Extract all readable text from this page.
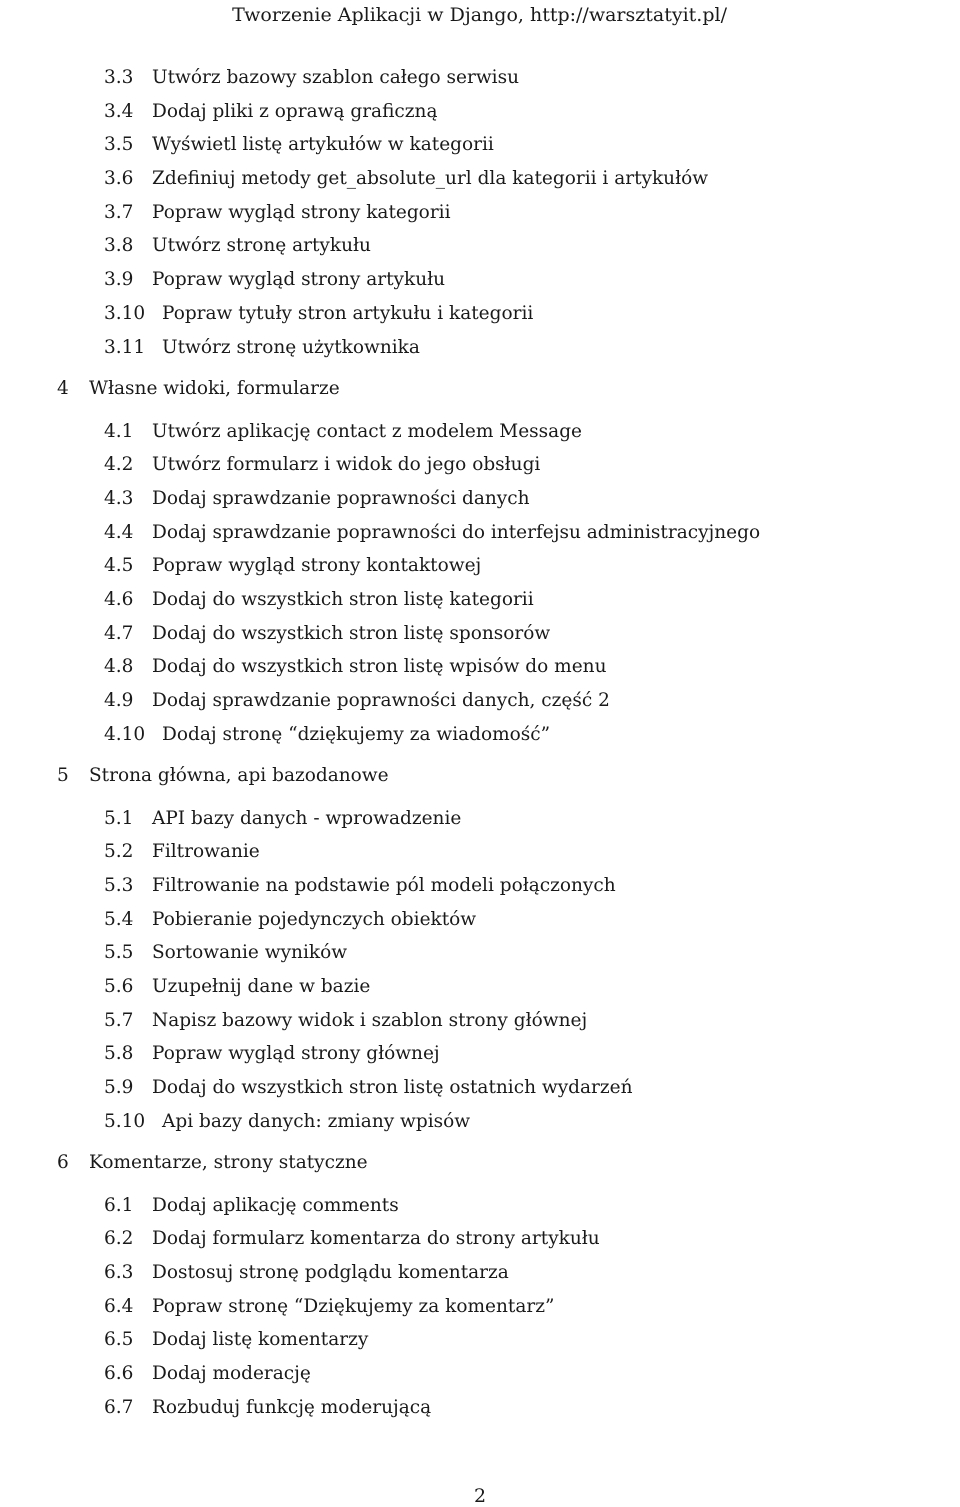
Tworzenie Aplikacji w Django, http://warsztatyit.pl/
3.3 Utwórz bazowy szablon całego serwisu
3.4 Dodaj pliki z oprawą graficzną
3.5 Wyświetl listę artykułów w kategorii
3.6 Zdefiniuj metody get_absolute_url dla kategorii i artykułów
3.7 Popraw wygląd strony kategorii
3.8 Utwórz stronę artykułu
3.9 Popraw wygląd strony artykułu
3.10 Popraw tytuły stron artykułu i kategorii
3.11 Utwórz stronę użytkownika
4 Własne widoki, formularze
4.1 Utwórz aplikację contact z modelem Message
4.2 Utwórz formularz i widok do jego obsługi
4.3 Dodaj sprawdzanie poprawności danych
4.4 Dodaj sprawdzanie poprawności do interfejsu administracyjnego
4.5 Popraw wygląd strony kontaktowej
4.6 Dodaj do wszystkich stron listę kategorii
4.7 Dodaj do wszystkich stron listę sponsorów
4.8 Dodaj do wszystkich stron listę wpisów do menu
4.9 Dodaj sprawdzanie poprawności danych, część 2
4.10 Dodaj stronę “dziękujemy za wiadomość”
5 Strona główna, api bazodanowe
5.1 API bazy danych - wprowadzenie
5.2 Filtrowanie
5.3 Filtrowanie na podstawie pól modeli połączonych
5.4 Pobieranie pojedynczych obiektów
5.5 Sortowanie wyników
5.6 Uzupełnij dane w bazie
5.7 Napisz bazowy widok i szablon strony głównej
5.8 Popraw wygląd strony głównej
5.9 Dodaj do wszystkich stron listę ostatnich wydarzeń
5.10 Api bazy danych: zmiany wpisów
6 Komentarze, strony statyczne
6.1 Dodaj aplikację comments
6.2 Dodaj formularz komentarza do strony artykułu
6.3 Dostosuj stronę podglądu komentarza
6.4 Popraw stronę “Dziękujemy za komentarz”
6.5 Dodaj listę komentarzy
6.6 Dodaj moderację
6.7 Rozbuduj funkcję moderującą
2
